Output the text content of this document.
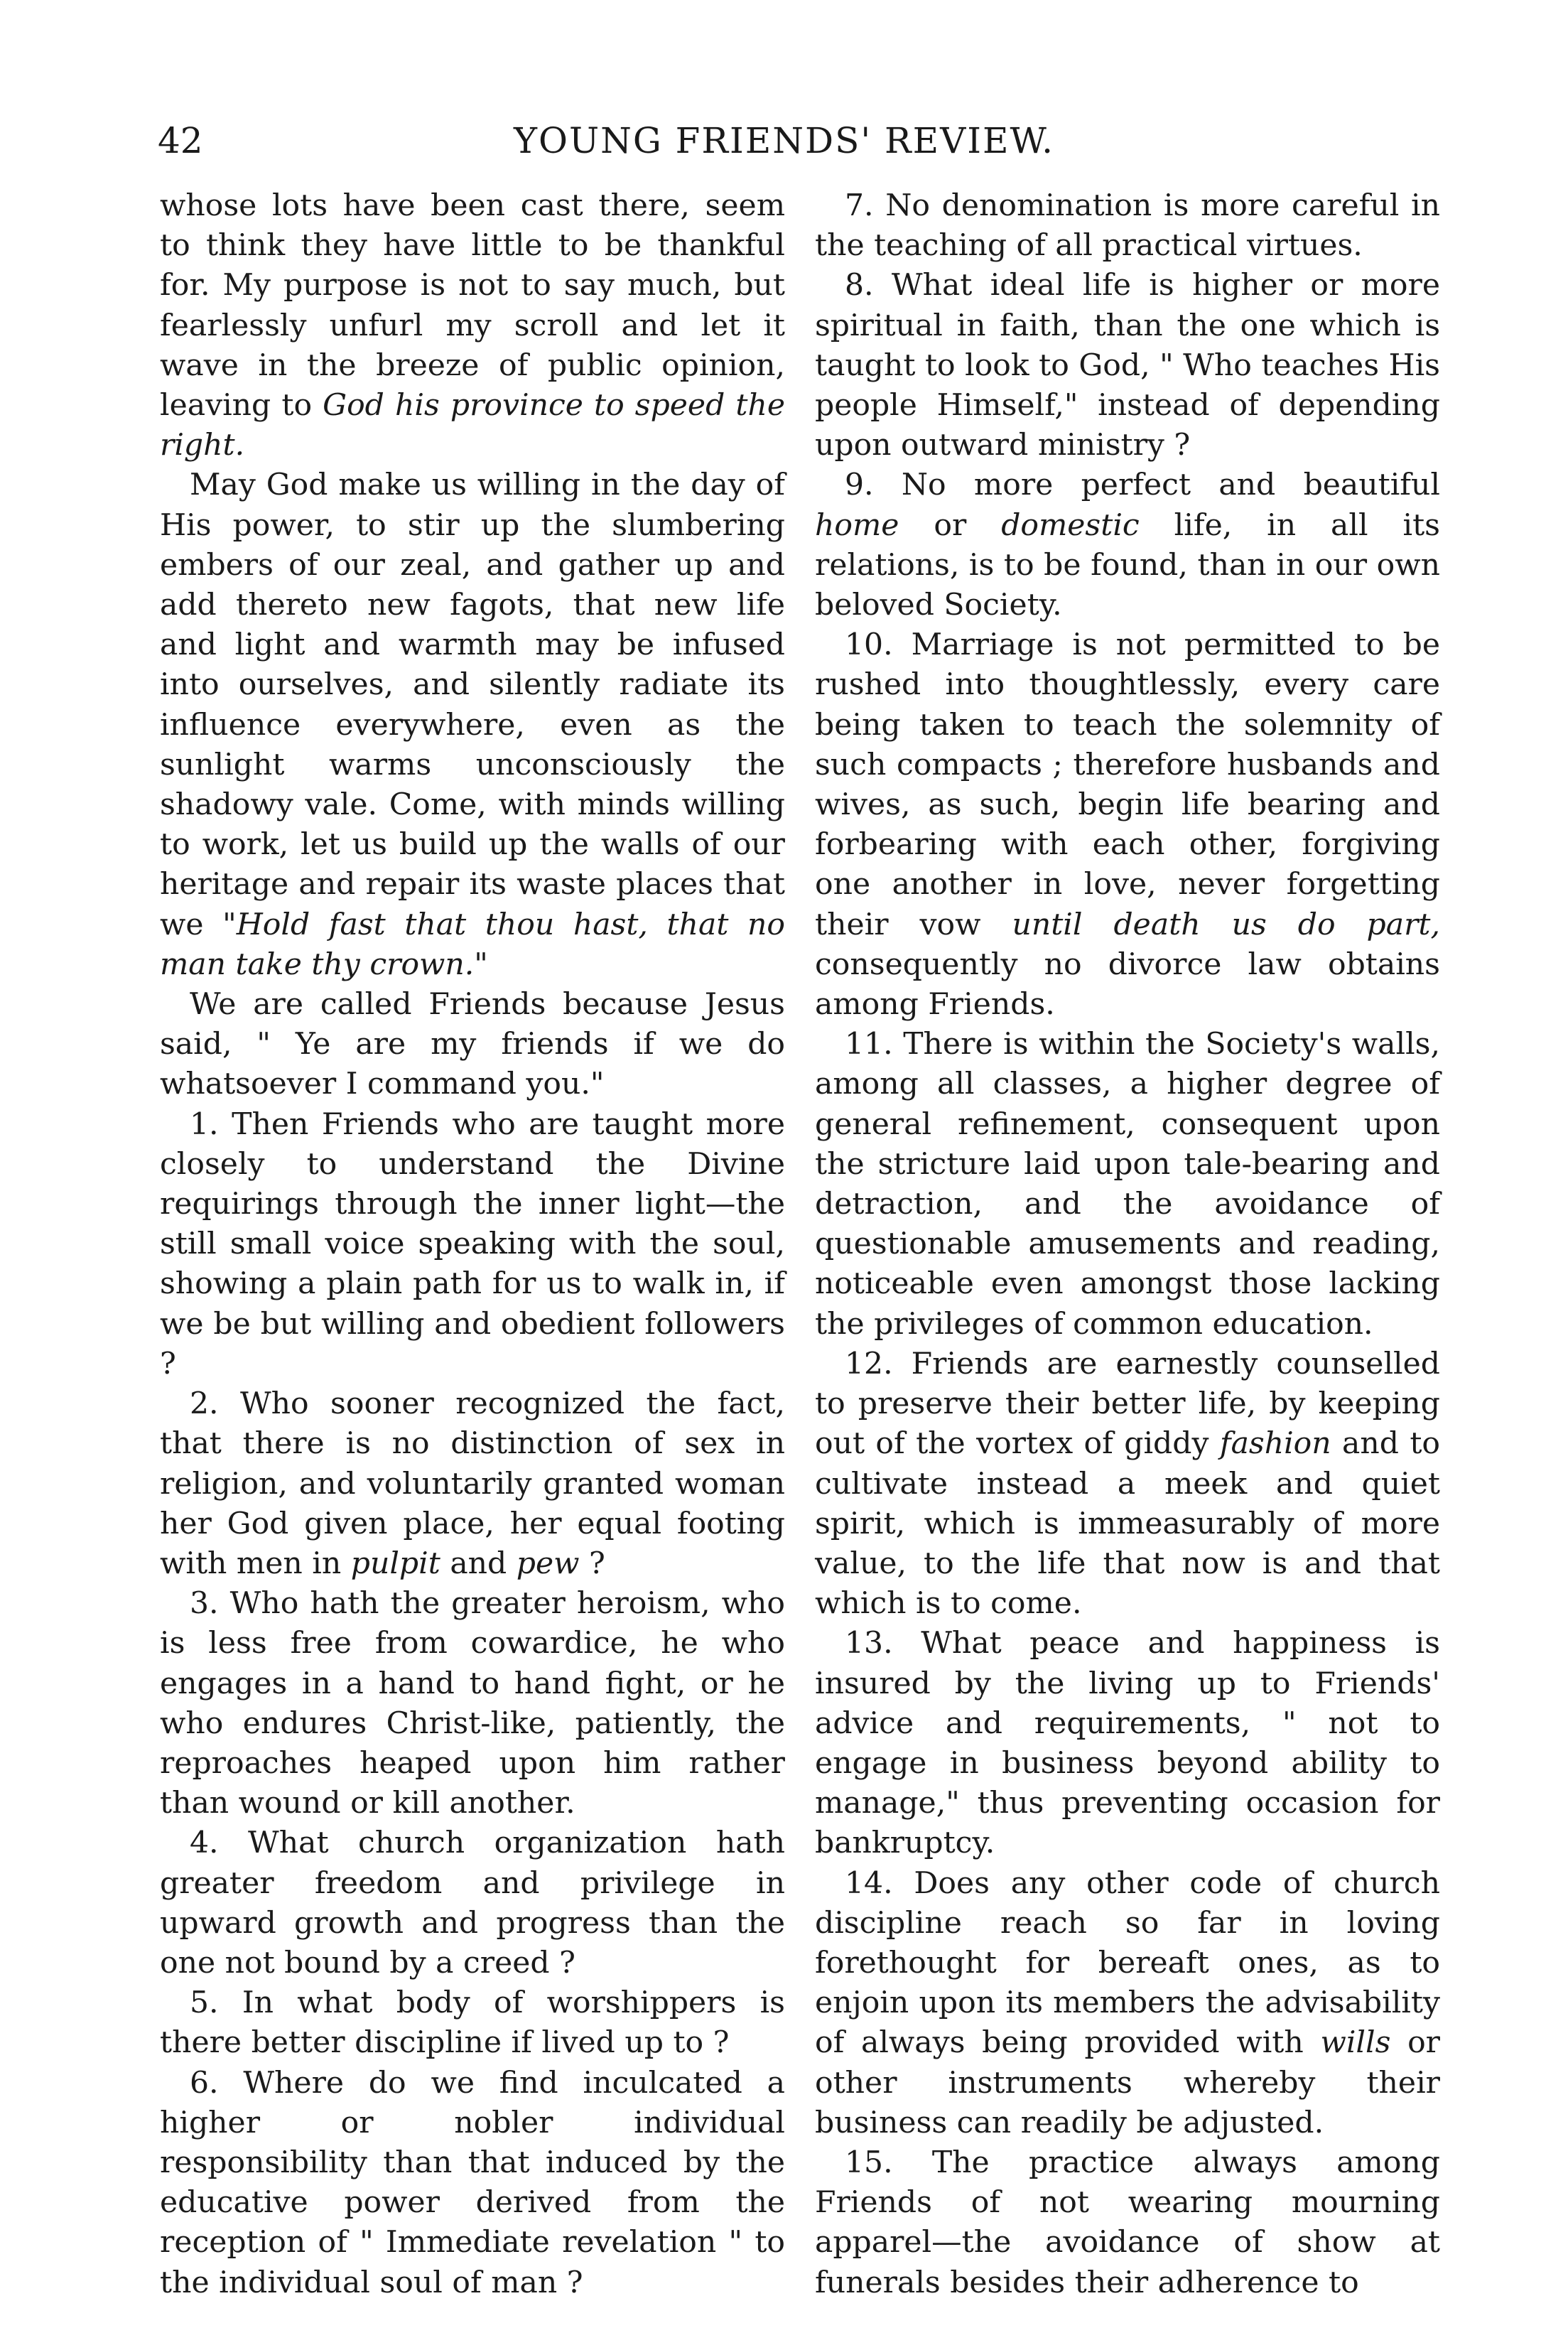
42	YOUNG FRIENDS' REVIEW.

whose lots have been cast there, seem to think they have little to be thankful for. My purpose is not to say much, but fearlessly unfurl my scroll and let it wave in the breeze of public opinion, leaving to God his province to speed the right.

May God make us willing in the day of His power, to stir up the slumbering embers of our zeal, and gather up and add thereto new fagots, that new life and light and warmth may be infused into ourselves, and silently radiate its influence everywhere, even as the sunlight warms unconsciously the shadowy vale. Come, with minds willing to work, let us build up the walls of our heritage and repair its waste places that we "Hold fast that thou hast, that no man take thy crown."

We are called Friends because Jesus said, " Ye are my friends if we do whatsoever I command you."

1. Then Friends who are taught more closely to understand the Divine requirings through the inner light—the still small voice speaking with the soul, showing a plain path for us to walk in, if we be but willing and obedient followers ?

2. Who sooner recognized the fact, that there is no distinction of sex in religion, and voluntarily granted woman her God given place, her equal footing with men in pulpit and pew ?

3. Who hath the greater heroism, who is less free from cowardice, he who engages in a hand to hand fight, or he who endures Christ-like, patiently, the reproaches heaped upon him rather than wound or kill another.

4. What church organization hath greater freedom and privilege in upward growth and progress than the one not bound by a creed ?

5. In what body of worshippers is there better discipline if lived up to ?

6. Where do we find inculcated a higher or nobler individual responsibility than that induced by the educative power derived from the reception of " Immediate revelation " to the individual soul of man ?

7. No denomination is more careful in the teaching of all practical virtues.

8. What ideal life is higher or more spiritual in faith, than the one which is taught to look to God, " Who teaches His people Himself," instead of depending upon outward ministry ?

9. No more perfect and beautiful home or domestic life, in all its relations, is to be found, than in our own beloved Society.

10. Marriage is not permitted to be rushed into thoughtlessly, every care being taken to teach the solemnity of such compacts ; therefore husbands and wives, as such, begin life bearing and forbearing with each other, forgiving one another in love, never forgetting their vow until death us do part, consequently no divorce law obtains among Friends.

11. There is within the Society's walls, among all classes, a higher degree of general refinement, consequent upon the stricture laid upon tale-bearing and detraction, and the avoidance of questionable amusements and reading, noticeable even amongst those lacking the privileges of common education.

12. Friends are earnestly counselled to preserve their better life, by keeping out of the vortex of giddy fashion and to cultivate instead a meek and quiet spirit, which is immeasurably of more value, to the life that now is and that which is to come.

13. What peace and happiness is insured by the living up to Friends' advice and requirements, " not to engage in business beyond ability to manage," thus preventing occasion for bankruptcy.

14. Does any other code of church discipline reach so far in loving forethought for bereaft ones, as to enjoin upon its members the advisability of always being provided with wills or other instruments whereby their business can readily be adjusted.

15. The practice always among Friends of not wearing mourning apparel—the avoidance of show at funerals besides their adherence to
